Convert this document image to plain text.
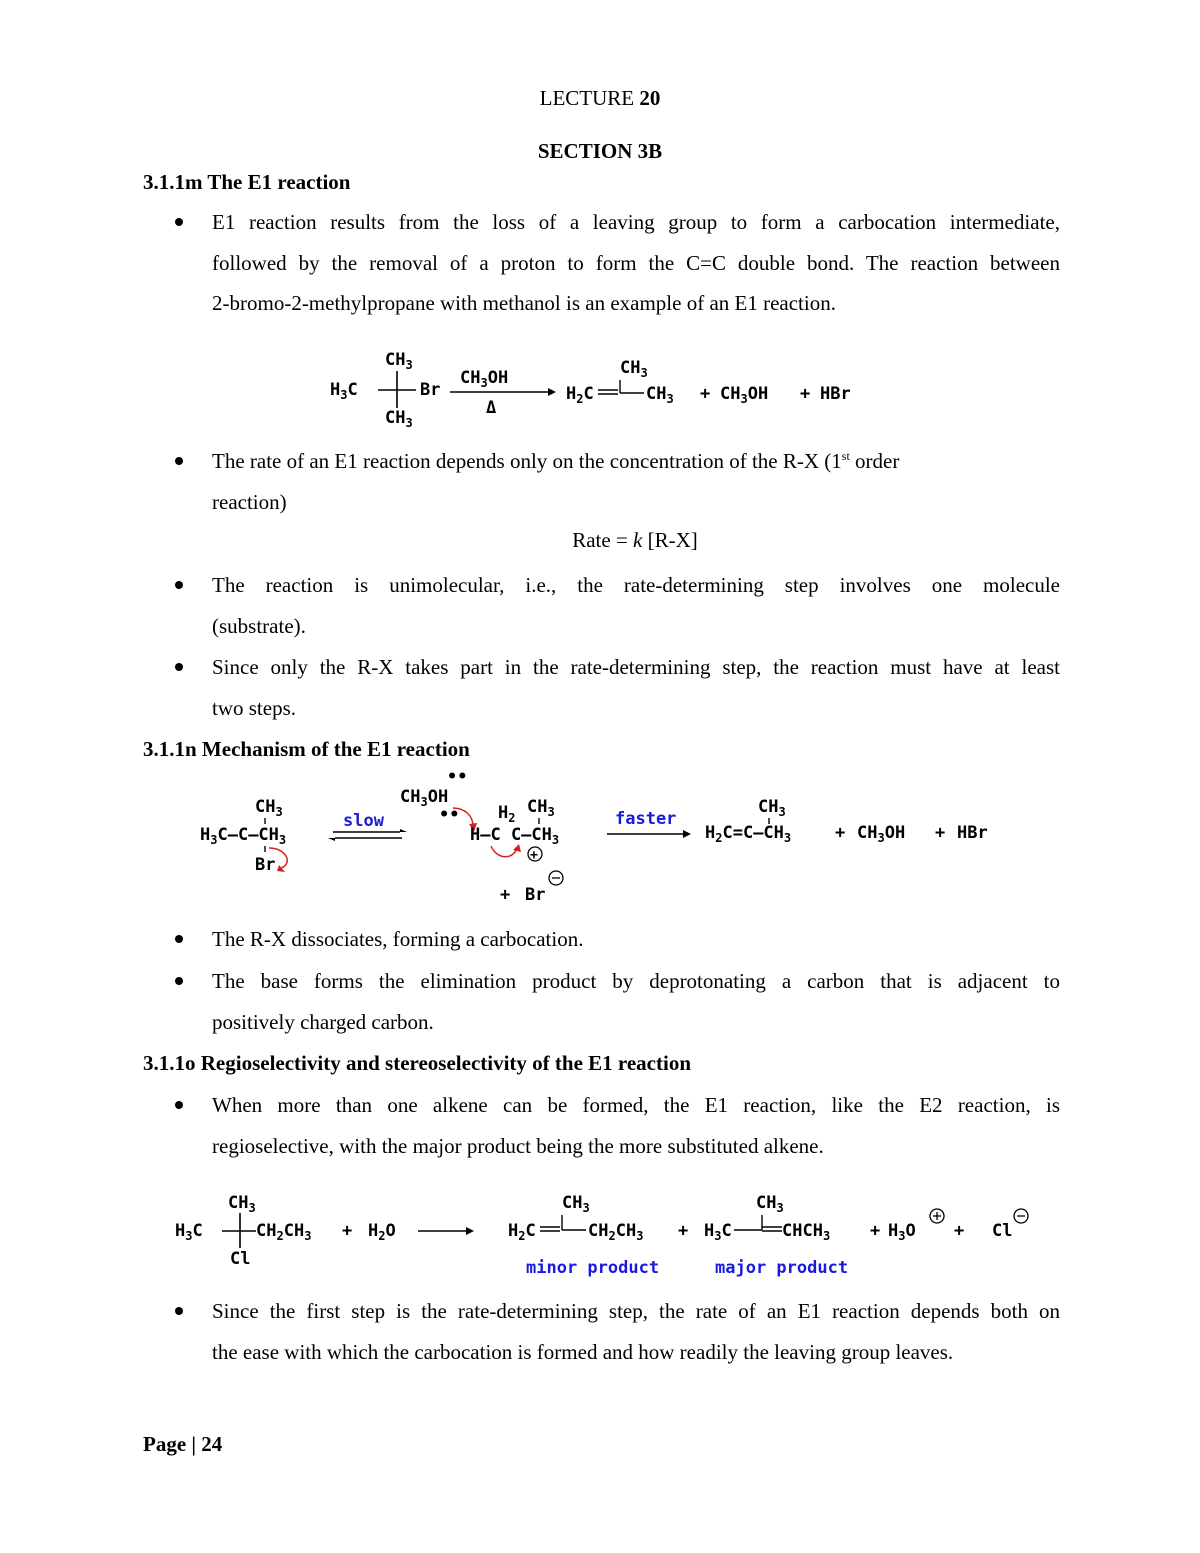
LECTURE 20
SECTION 3B
3.1.1m The E1 reaction
E1 reaction results from the loss of a leaving group to form a carbocation intermediate,
followed by the removal of a proton to form the C=C double bond. The reaction between
2-bromo-2-methylpropane with methanol is an example of an E1 reaction.
$CH_3$
$H_3C$	Br
$CH_3$
$CH_3OH$
Δ
$CH_3$
$H_2C$	$CH_3 + CH_3OH$ + HBr
The rate of an E1 reaction depends only on the concentration of the R-X (1st order
reaction)
Rate = k [R-X]
The reaction is unimolecular, i.e., the rate-determining step involves one molecule
(substrate).
Since only the R-X takes part in the rate-determining step, the reaction must have at least
two steps.
3.1.1n Mechanism of the E1 reaction
$CH_3$
$H_3C-C-CH_3$
Br
slow
••
$CH_3OH$
•• $H_2$
$CH_3$
H–C $C-CH_3$
+
+ Br
faster
$CH_3$
$H_2C=C-CH_3$	+ $CH_3OH$ + HBr
The R-X dissociates, forming a carbocation.
The base forms the elimination product by deprotonating a carbon that is adjacent to
positively charged carbon.
3.1.1o Regioselectivity and stereoselectivity of the E1 reaction
When more than one alkene can be formed, the E1 reaction, like the E2 reaction, is
regioselective, with the major product being the more substituted alkene.
$CH_3$
$H_3C$	$CH_2CH_3$
Cl
+ $H_2O$
$CH_3$
$H_2C$	$CH_2CH_3$ +
$CH_3$
$H_3C$	$CHCH_3 + H_3O + Cl$
minor product	major product
Since the first step is the rate-determining step, the rate of an E1 reaction depends both on
the ease with which the carbocation is formed and how readily the leaving group leaves.
Page | 24
